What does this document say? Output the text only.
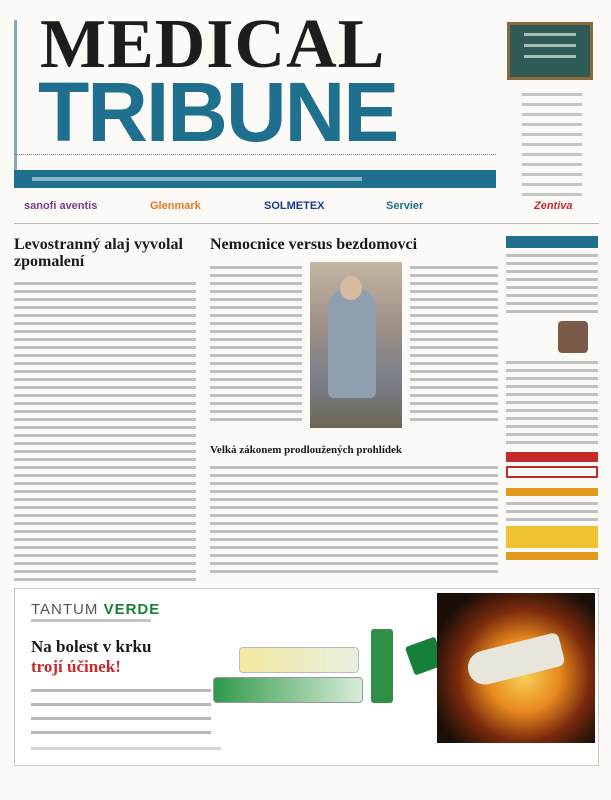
MEDICAL
TRIBUNE
sanofi aventis	Glenmark	SOLMETEX	Servier	Zentiva
Levostranný alaj vyvolal zpomalení
Nemocnice versus bezdomovci
Velká zákonem prodloužených prohlídek
TANTUM VERDE
Na bolest v krku
trojí účinek!
